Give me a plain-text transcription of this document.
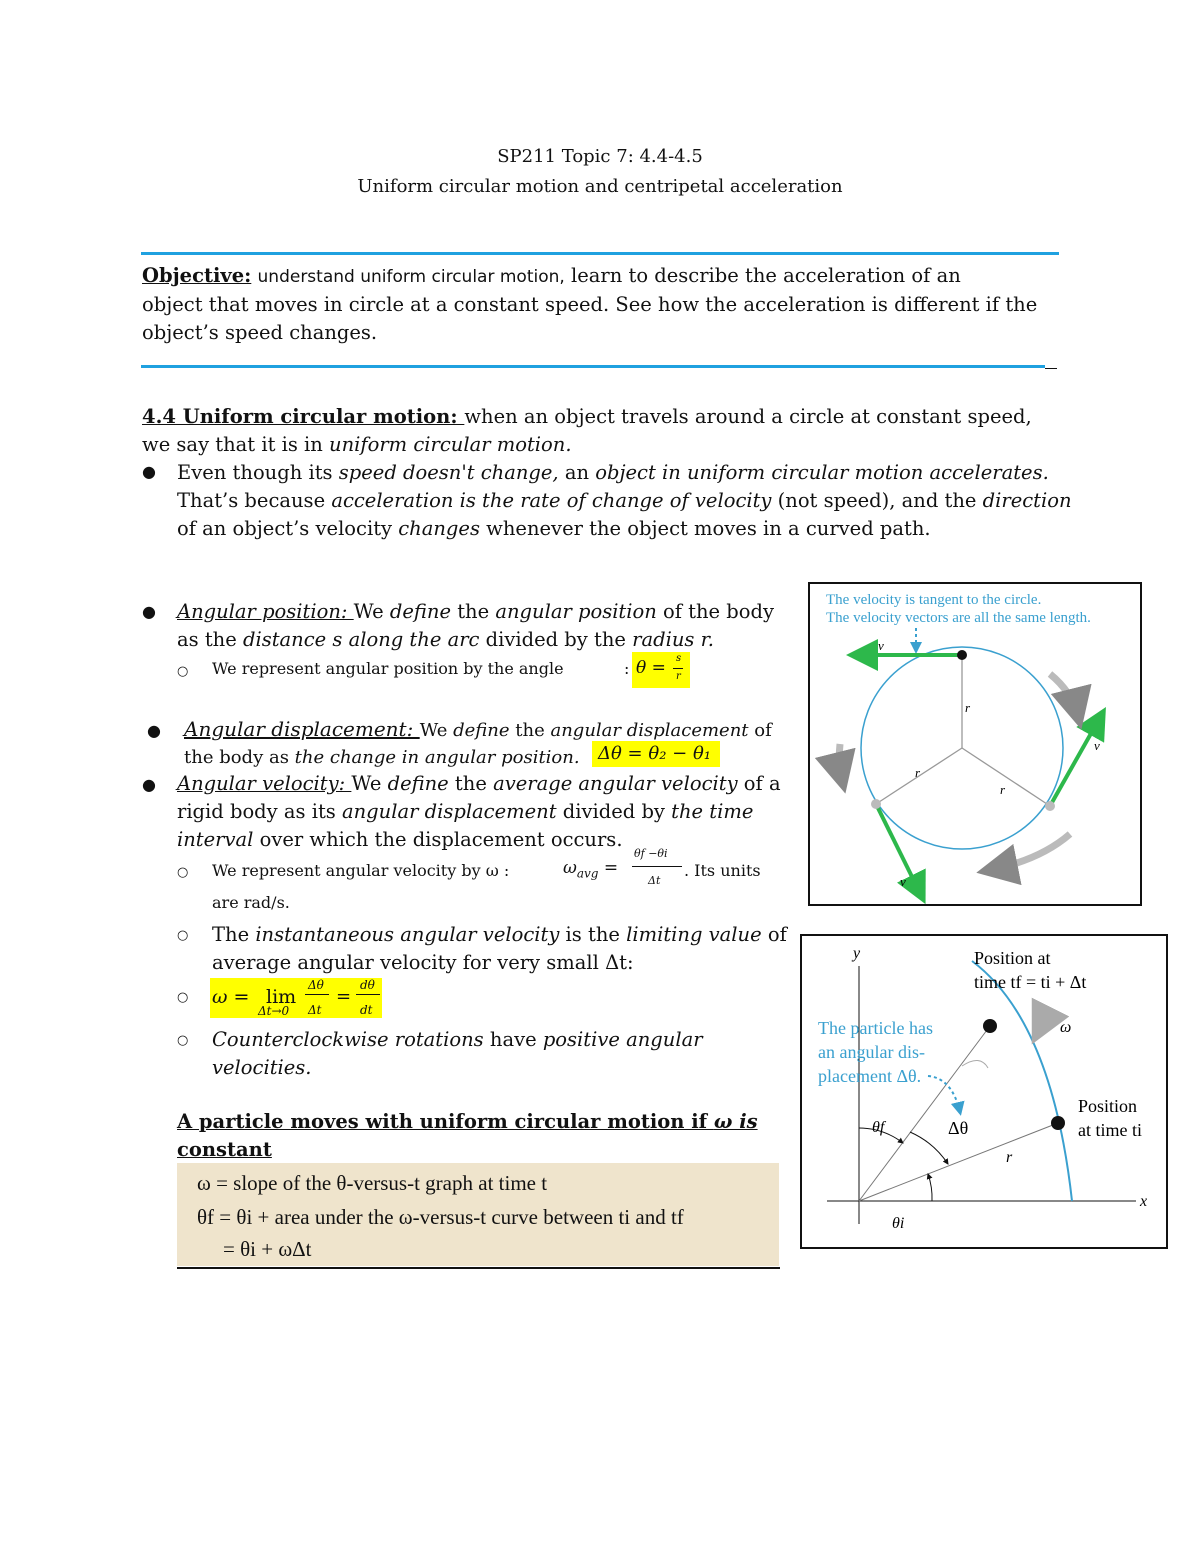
SP211 Topic 7: 4.4-4.5
Uniform circular motion and centripetal acceleration
Objective: understand uniform circular motion, learn to describe the acceleration of an
object that moves in circle at a constant speed. See how the acceleration is different if the
object’s speed changes.
4.4 Uniform circular motion: when an object travels around a circle at constant speed,
we say that it is in uniform circular motion.
● Even though its speed doesn't change, an object in uniform circular motion accelerates.
That’s because acceleration is the rate of change of velocity (not speed), and the direction
of an object’s velocity changes whenever the object moves in a curved path.
● Angular position: We define the angular position of the body
as the distance s along the arc divided by the radius r.
○ We represent angular position by the angle	: θ = s
r
● Angular displacement: We define the angular displacement of
the body as the change in angular position.	Δθ = θ₂ − θ₁
● Angular velocity: We define the average angular velocity of a
rigid body as its angular displacement divided by the time
interval over which the displacement occurs.
○ We represent angular velocity by ω :	$\omega_{avg}$ =
θf −θi
Δt
. Its units
are rad/s.
○ The instantaneous angular velocity is the limiting value of
average angular velocity for very small Δt:
○ ω = lim
Δt→0
Δθ
Δt
=
dθ
dt
○ Counterclockwise rotations have positive angular
velocities.
A particle moves with uniform circular motion if ω is
constant
ω = slope of the θ-versus-t graph at time t
θf = θi + area under the ω-versus-t curve between ti and tf
= θi + ωΔt
The velocity is tangent to the circle.
The velocity vectors are all the same length.
r
r
r
v⃗
v⃗
v⃗
y
x
ω
Position at
time tf = ti + Δt
The particle has
an angular dis-
placement Δθ.
Position
at time ti
θf
θi
Δθ
r
